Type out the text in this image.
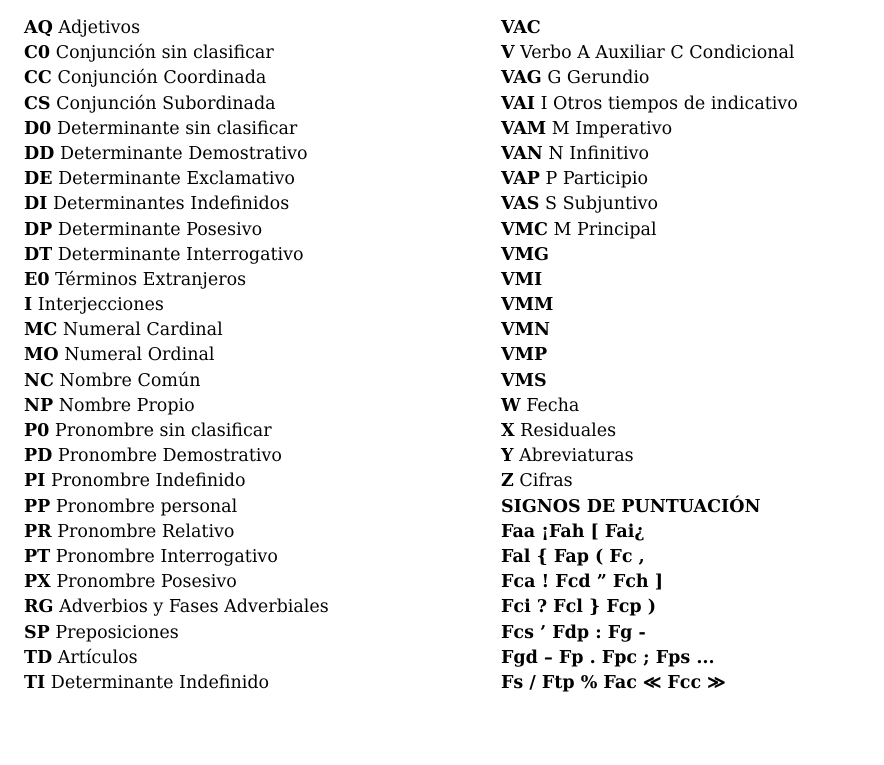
AQ Adjetivos
C0 Conjunción sin clasificar
CC Conjunción Coordinada
CS Conjunción Subordinada
D0 Determinante sin clasificar
DD Determinante Demostrativo
DE Determinante Exclamativo
DI Determinantes Indefinidos
DP Determinante Posesivo
DT Determinante Interrogativo
E0 Términos Extranjeros
I Interjecciones
MC Numeral Cardinal
MO Numeral Ordinal
NC Nombre Común
NP Nombre Propio
P0 Pronombre sin clasificar
PD Pronombre Demostrativo
PI Pronombre Indefinido
PP Pronombre personal
PR Pronombre Relativo
PT Pronombre Interrogativo
PX Pronombre Posesivo
RG Adverbios y Fases Adverbiales
SP Preposiciones
TD Artículos
TI Determinante Indefinido
VAC
V Verbo A Auxiliar C Condicional
VAG G Gerundio
VAI I Otros tiempos de indicativo
VAM M Imperativo
VAN N Infinitivo
VAP P Participio
VAS S Subjuntivo
VMC M Principal
VMG
VMI
VMM
VMN
VMP
VMS
W Fecha
X Residuales
Y Abreviaturas
Z Cifras
SIGNOS DE PUNTUACIÓN
Faa ¡Fah [ Fai¿
Fal { Fap ( Fc ,
Fca ! Fcd ” Fch ]
Fci ? Fcl } Fcp )
Fcs ’ Fdp : Fg -
Fgd – Fp . Fpc ; Fps ...
Fs / Ftp % Fac ≪ Fcc ≫
